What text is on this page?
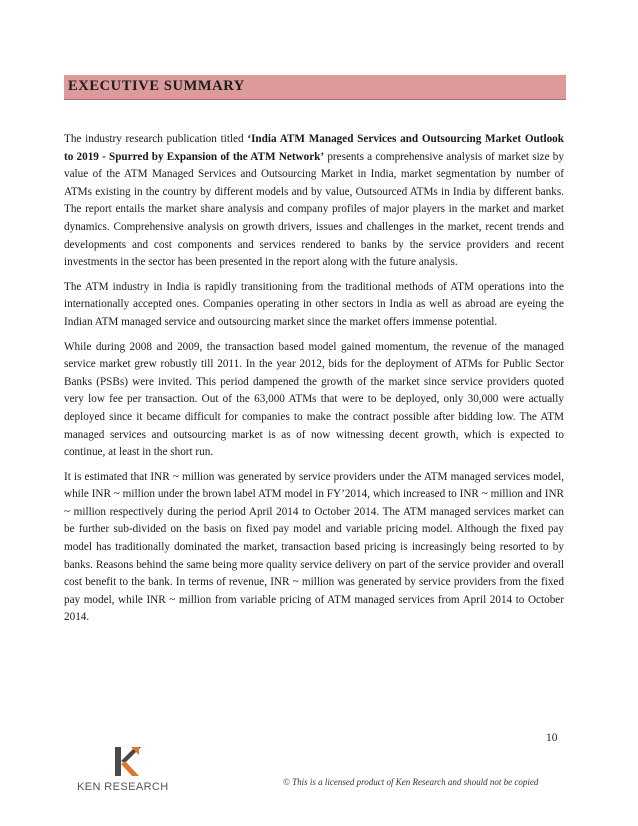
EXECUTIVE SUMMARY

The industry research publication titled ‘India ATM Managed Services and Outsourcing Market Outlook to 2019 - Spurred by Expansion of the ATM Network’ presents a comprehensive analysis of market size by value of the ATM Managed Services and Outsourcing Market in India, market segmentation by number of ATMs existing in the country by different models and by value, Outsourced ATMs in India by different banks. The report entails the market share analysis and company profiles of major players in the market and market dynamics. Comprehensive analysis on growth drivers, issues and challenges in the market, recent trends and developments and cost components and services rendered to banks by the service providers and recent investments in the sector has been presented in the report along with the future analysis.

The ATM industry in India is rapidly transitioning from the traditional methods of ATM operations into the internationally accepted ones. Companies operating in other sectors in India as well as abroad are eyeing the Indian ATM managed service and outsourcing market since the market offers immense potential.

While during 2008 and 2009, the transaction based model gained momentum, the revenue of the managed service market grew robustly till 2011. In the year 2012, bids for the deployment of ATMs for Public Sector Banks (PSBs) were invited. This period dampened the growth of the market since service providers quoted very low fee per transaction. Out of the 63,000 ATMs that were to be deployed, only 30,000 were actually deployed since it became difficult for companies to make the contract possible after bidding low. The ATM managed services and outsourcing market is as of now witnessing decent growth, which is expected to continue, at least in the short run.

It is estimated that INR ~ million was generated by service providers under the ATM managed services model, while INR ~ million under the brown label ATM model in FY’2014, which increased to INR ~ million and INR ~ million respectively during the period April 2014 to October 2014. The ATM managed services market can be further sub-divided on the basis on fixed pay model and variable pricing model. Although the fixed pay model has traditionally dominated the market, transaction based pricing is increasingly being resorted to by banks. Reasons behind the same being more quality service delivery on part of the service provider and overall cost benefit to the bank. In terms of revenue, INR ~ million was generated by service providers from the fixed pay model, while INR ~ million from variable pricing of ATM managed services from April 2014 to October 2014.

10
KEN RESEARCH	© This is a licensed product of Ken Research and should not be copied
